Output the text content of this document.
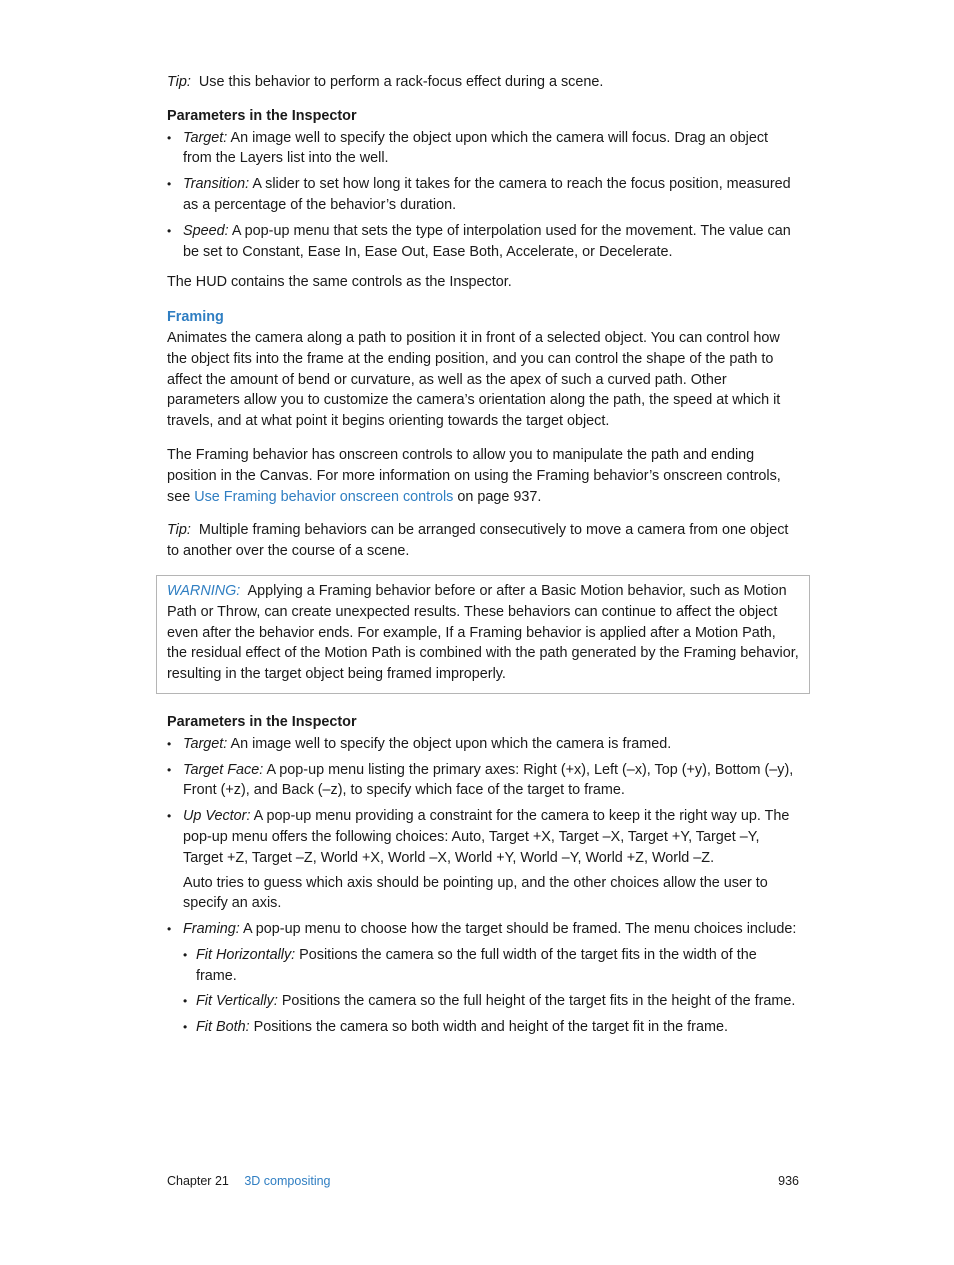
Tip: Use this behavior to perform a rack-focus effect during a scene.

Parameters in the Inspector

• Target: An image well to specify the object upon which the camera will focus. Drag an object from the Layers list into the well.
• Transition: A slider to set how long it takes for the camera to reach the focus position, measured as a percentage of the behavior’s duration.
• Speed: A pop-up menu that sets the type of interpolation used for the movement. The value can be set to Constant, Ease In, Ease Out, Ease Both, Accelerate, or Decelerate.

The HUD contains the same controls as the Inspector.

Framing

Animates the camera along a path to position it in front of a selected object. You can control how the object fits into the frame at the ending position, and you can control the shape of the path to affect the amount of bend or curvature, as well as the apex of such a curved path. Other parameters allow you to customize the camera’s orientation along the path, the speed at which it travels, and at what point it begins orienting towards the target object.

The Framing behavior has onscreen controls to allow you to manipulate the path and ending position in the Canvas. For more information on using the Framing behavior’s onscreen controls, see Use Framing behavior onscreen controls on page 937.

Tip: Multiple framing behaviors can be arranged consecutively to move a camera from one object to another over the course of a scene.

WARNING: Applying a Framing behavior before or after a Basic Motion behavior, such as Motion Path or Throw, can create unexpected results. These behaviors can continue to affect the object even after the behavior ends. For example, If a Framing behavior is applied after a Motion Path, the residual effect of the Motion Path is combined with the path generated by the Framing behavior, resulting in the target object being framed improperly.

Parameters in the Inspector

• Target: An image well to specify the object upon which the camera is framed.
• Target Face: A pop-up menu listing the primary axes: Right (+x), Left (–x), Top (+y), Bottom (–y), Front (+z), and Back (–z), to specify which face of the target to frame.
• Up Vector: A pop-up menu providing a constraint for the camera to keep it the right way up. The pop-up menu offers the following choices: Auto, Target +X, Target –X, Target +Y, Target –Y, Target +Z, Target –Z, World +X, World –X, World +Y, World –Y, World +Z, World –Z.

Auto tries to guess which axis should be pointing up, and the other choices allow the user to specify an axis.

• Framing: A pop-up menu to choose how the target should be framed. The menu choices include:
• Fit Horizontally: Positions the camera so the full width of the target fits in the width of the frame.
• Fit Vertically: Positions the camera so the full height of the target fits in the height of the frame.
• Fit Both: Positions the camera so both width and height of the target fit in the frame.
Chapter 21 3D compositing	936
